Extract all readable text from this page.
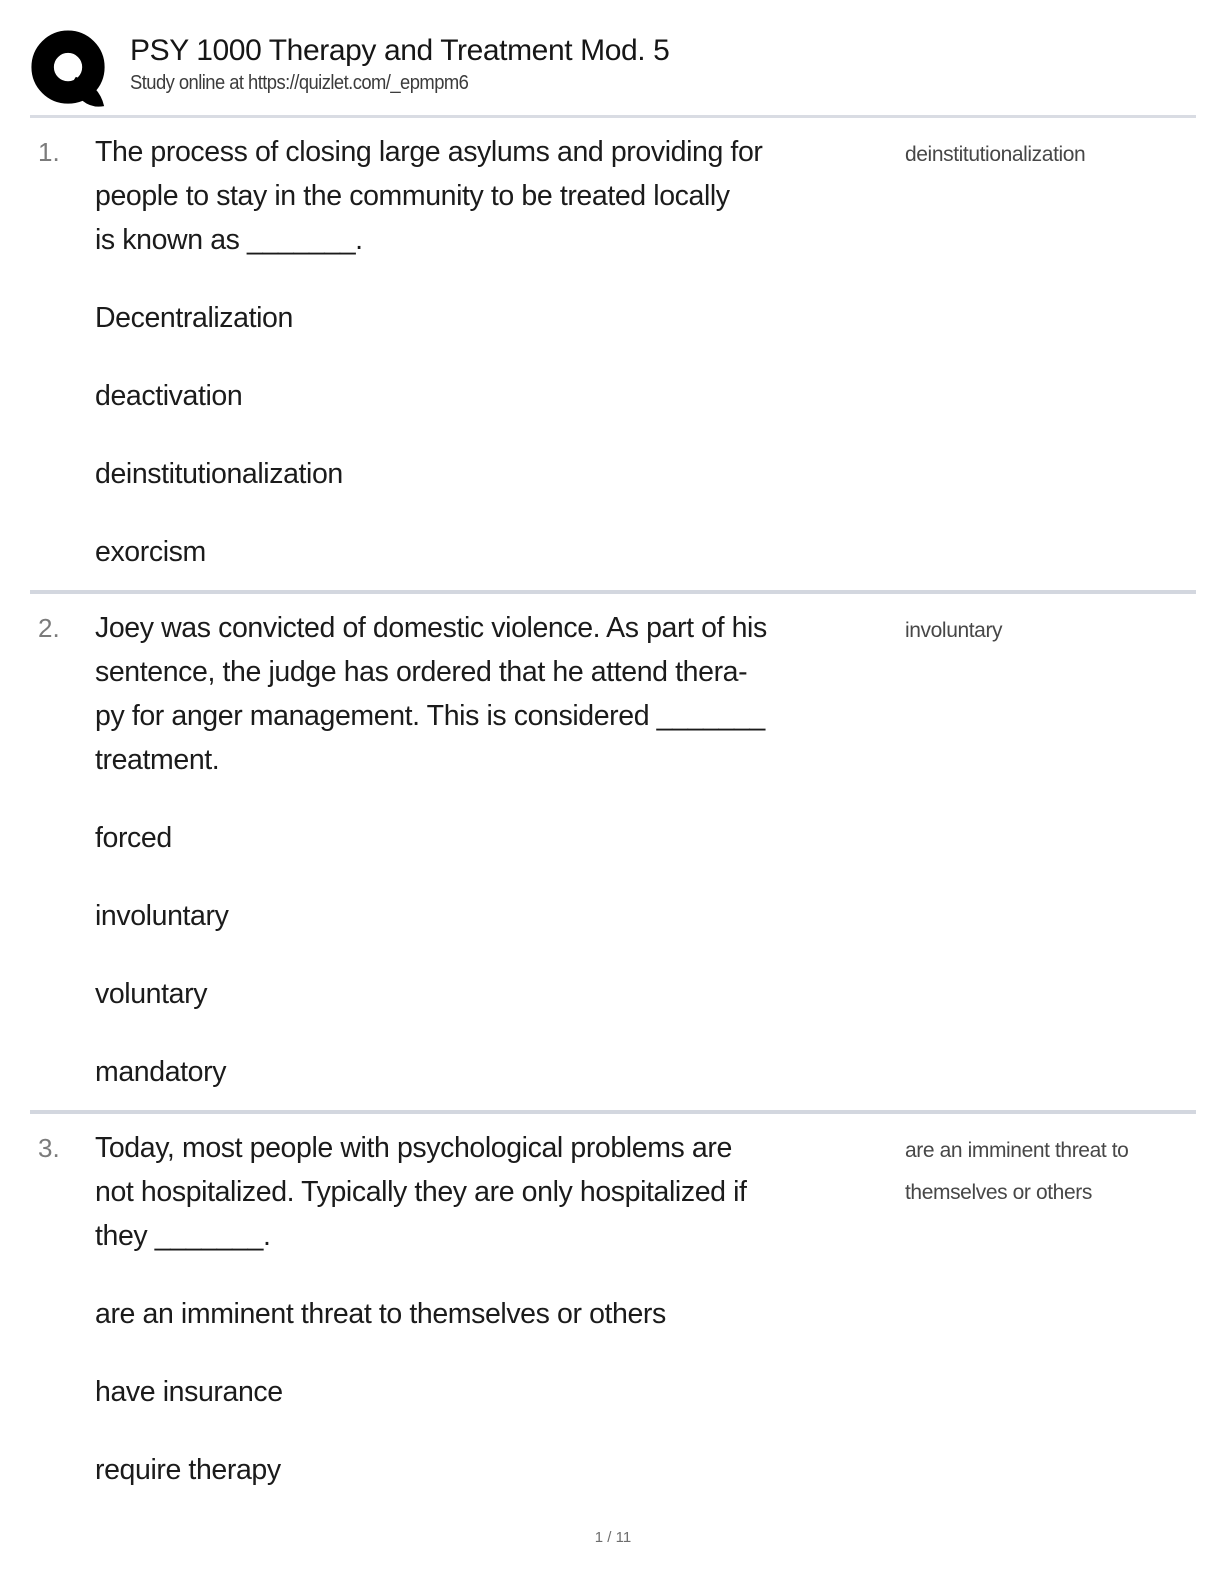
PSY 1000 Therapy and Treatment Mod. 5
Study online at https://quizlet.com/_epmpm6
1.	The process of closing large asylums and providing for
people to stay in the community to be treated locally
is known as _______.

Decentralization

deactivation

deinstitutionalization

exorcism

deinstitutionalization
2.	Joey was convicted of domestic violence. As part of his
sentence, the judge has ordered that he attend thera-
py for anger management. This is considered _______
treatment.

forced

involuntary

voluntary

mandatory

involuntary
3.	Today, most people with psychological problems are
not hospitalized. Typically they are only hospitalized if
they _______.

are an imminent threat to themselves or others

have insurance

require therapy

are an imminent threat to themselves or others
1 / 11
